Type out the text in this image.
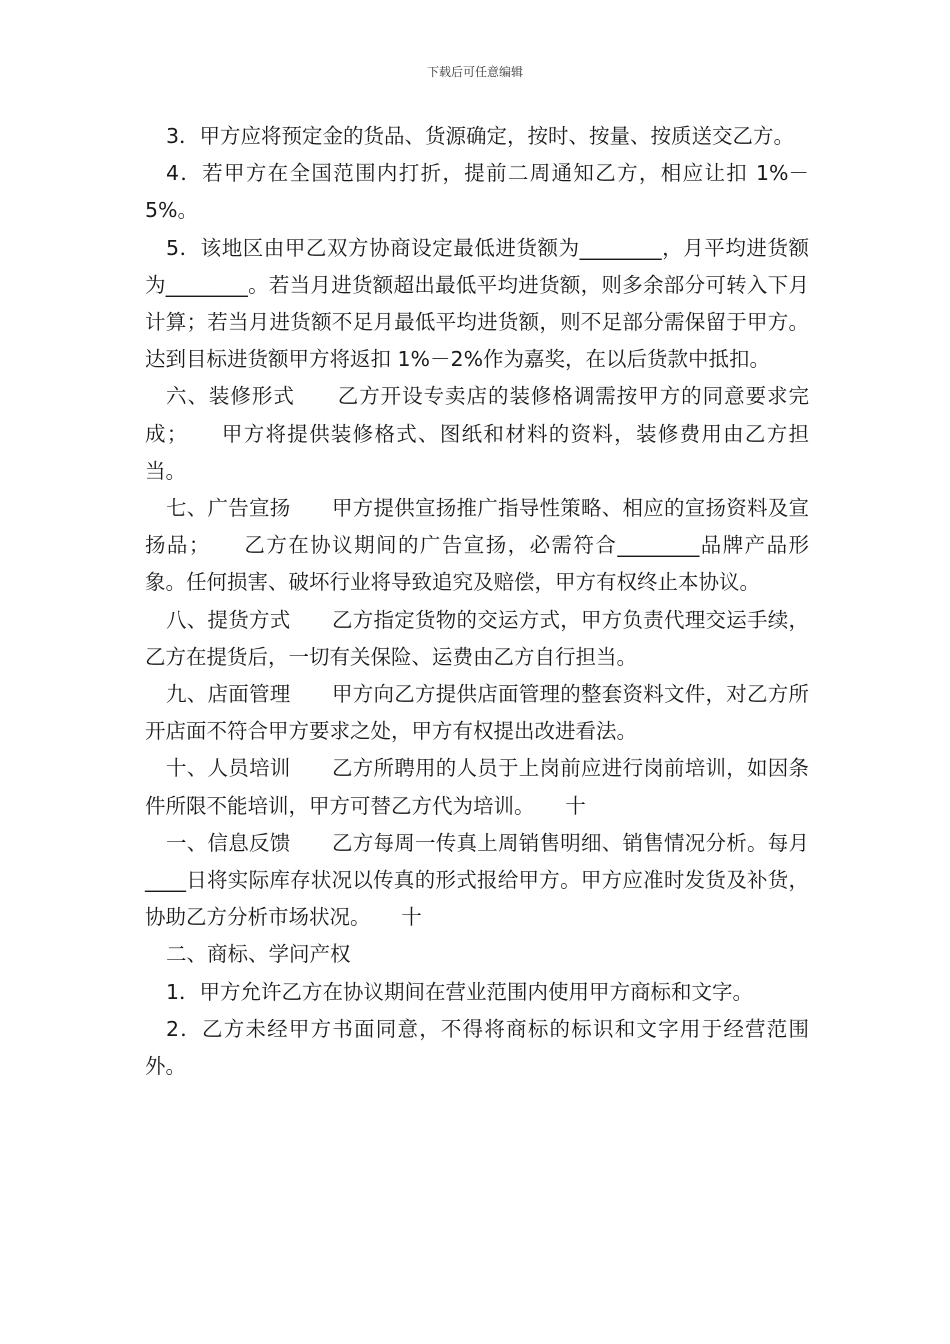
下载后可任意编辑

3．甲方应将预定金的货品、货源确定，按时、按量、按质送交乙方。

4．若甲方在全国范围内打折，提前二周通知乙方，相应让扣 1%－5%。

5．该地区由甲乙双方协商设定最低进货额为________，月平均进货额为________。若当月进货额超出最低平均进货额，则多余部分可转入下月计算；若当月进货额不足月最低平均进货额，则不足部分需保留于甲方。达到目标进货额甲方将返扣 1%－2%作为嘉奖，在以后货款中抵扣。

六、装修形式　　乙方开设专卖店的装修格调需按甲方的同意要求完成；　　甲方将提供装修格式、图纸和材料的资料，装修费用由乙方担当。

七、广告宣扬　　甲方提供宣扬推广指导性策略、相应的宣扬资料及宣扬品；　　乙方在协议期间的广告宣扬，必需符合________品牌产品形象。任何损害、破坏行业将导致追究及赔偿，甲方有权终止本协议。

八、提货方式　　乙方指定货物的交运方式，甲方负责代理交运手续，乙方在提货后，一切有关保险、运费由乙方自行担当。

九、店面管理　　甲方向乙方提供店面管理的整套资料文件，对乙方所开店面不符合甲方要求之处，甲方有权提出改进看法。

十、人员培训　　乙方所聘用的人员于上岗前应进行岗前培训，如因条件所限不能培训，甲方可替乙方代为培训。　　十

一、信息反馈　　乙方每周一传真上周销售明细、销售情况分析。每月____日将实际库存状况以传真的形式报给甲方。甲方应准时发货及补货，协助乙方分析市场状况。　　十

二、商标、学问产权

1．甲方允许乙方在协议期间在营业范围内使用甲方商标和文字。

2．乙方未经甲方书面同意，不得将商标的标识和文字用于经营范围外。
